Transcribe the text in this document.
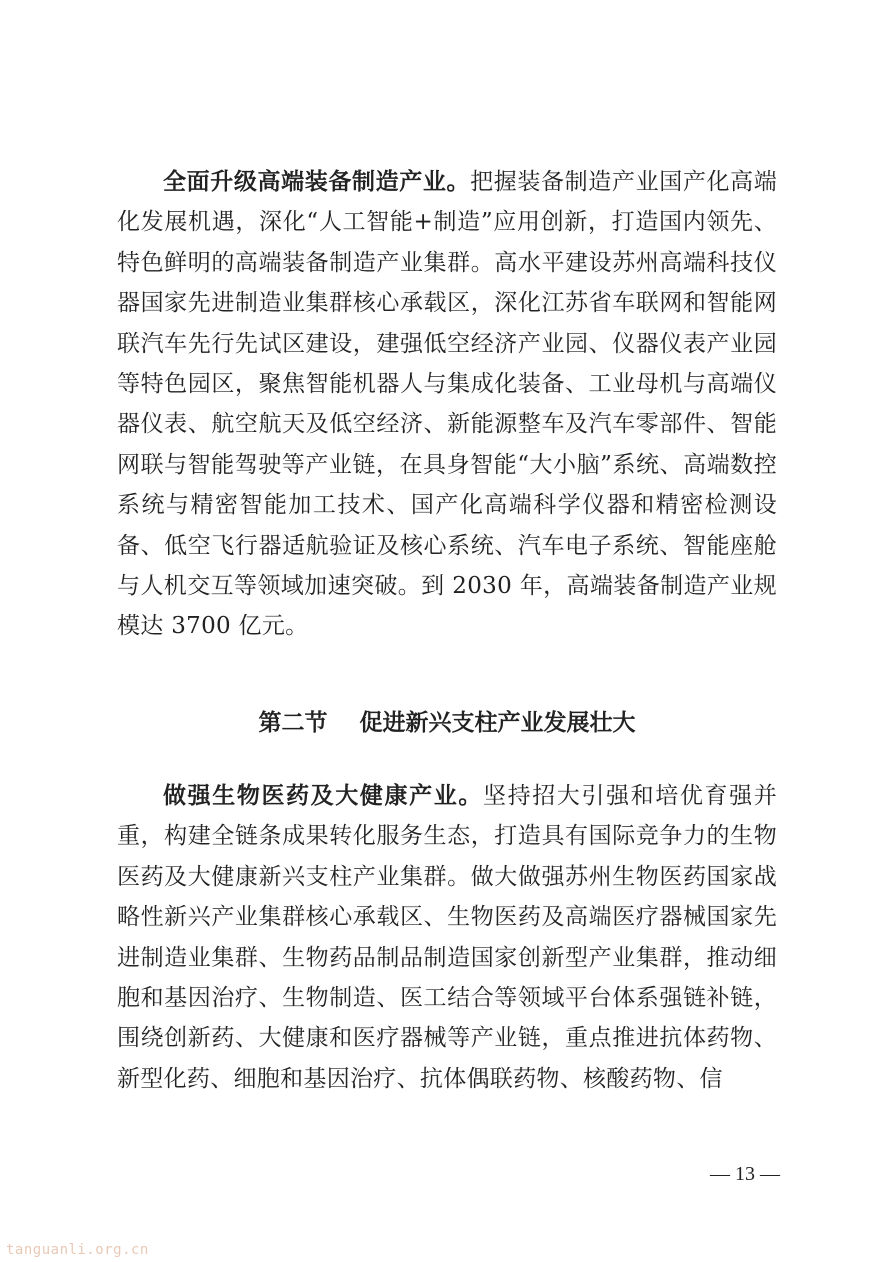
全面升级高端装备制造产业。把握装备制造产业国产化高端化发展机遇，深化“人工智能+制造”应用创新，打造国内领先、特色鲜明的高端装备制造产业集群。高水平建设苏州高端科技仪器国家先进制造业集群核心承载区，深化江苏省车联网和智能网联汽车先行先试区建设，建强低空经济产业园、仪器仪表产业园等特色园区，聚焦智能机器人与集成化装备、工业母机与高端仪器仪表、航空航天及低空经济、新能源整车及汽车零部件、智能网联与智能驾驶等产业链，在具身智能“大小脑”系统、高端数控系统与精密智能加工技术、国产化高端科学仪器和精密检测设备、低空飞行器适航验证及核心系统、汽车电子系统、智能座舱与人机交互等领域加速突破。到 2030 年，高端装备制造产业规模达 3700 亿元。

第二节    促进新兴支柱产业发展壮大

做强生物医药及大健康产业。坚持招大引强和培优育强并重，构建全链条成果转化服务生态，打造具有国际竞争力的生物医药及大健康新兴支柱产业集群。做大做强苏州生物医药国家战略性新兴产业集群核心承载区、生物医药及高端医疗器械国家先进制造业集群、生物药品制品制造国家创新型产业集群，推动细胞和基因治疗、生物制造、医工结合等领域平台体系强链补链，围绕创新药、大健康和医疗器械等产业链，重点推进抗体药物、新型化药、细胞和基因治疗、抗体偶联药物、核酸药物、信

— 13 —
tanguanli.org.cn
